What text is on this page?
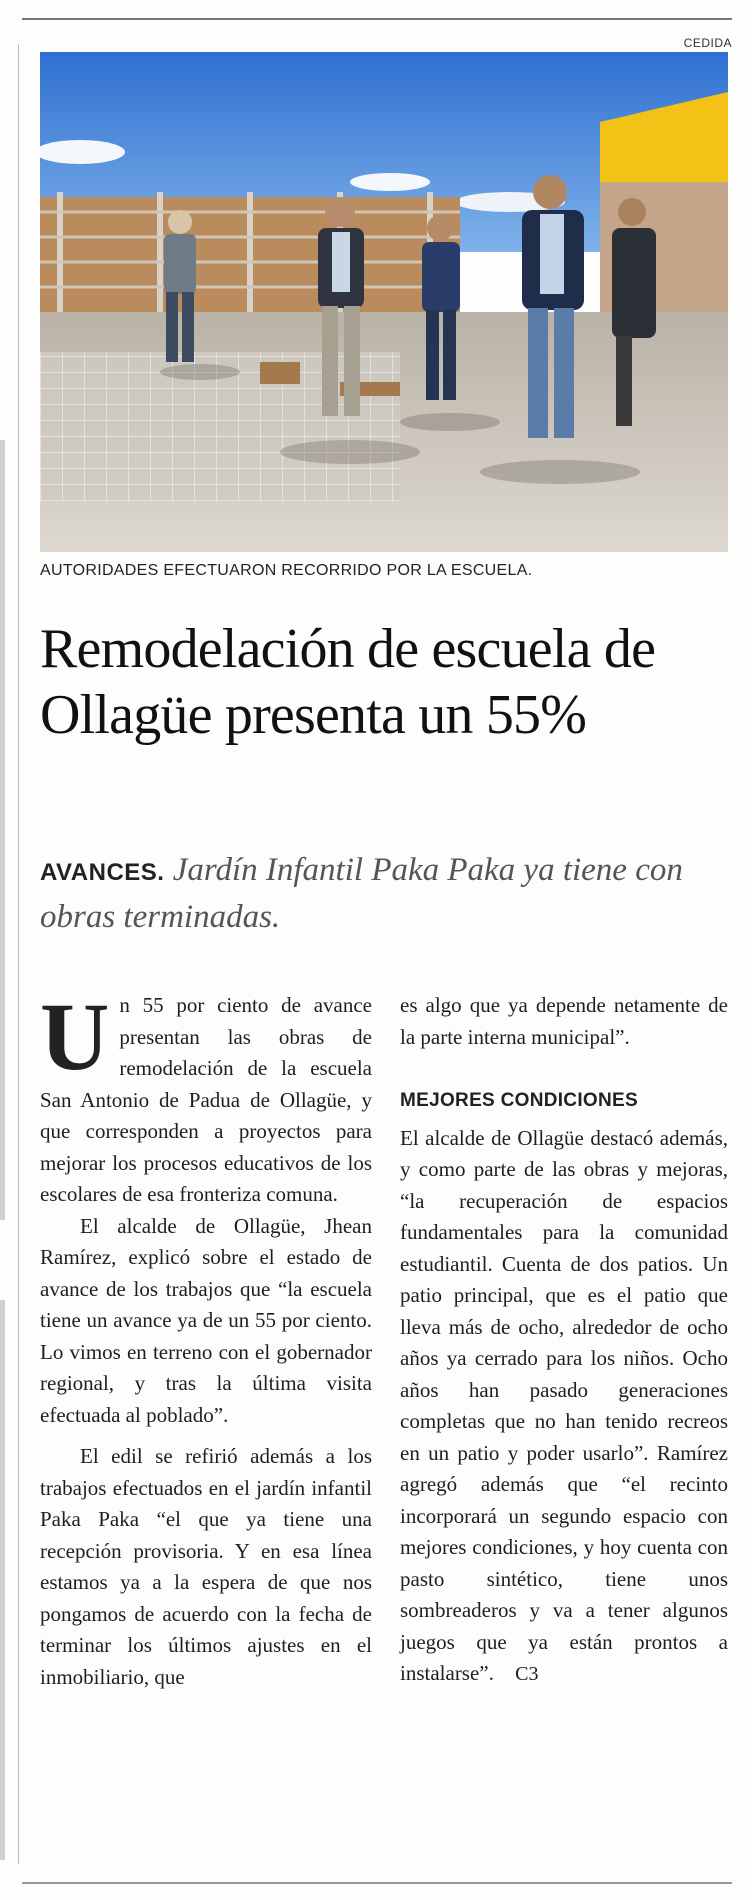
CEDIDA
AUTORIDADES EFECTUARON RECORRIDO POR LA ESCUELA.
Remodelación de escuela de Ollagüe presenta un 55%
AVANCES. Jardín Infantil Paka Paka ya tiene con obras terminadas.

U n 55 por ciento de avance presentan las obras de remodelación de la escuela San Antonio de Padua de Ollagüe, y que corresponden a proyectos para mejorar los procesos educativos de los escolares de esa fronteriza comuna.

El alcalde de Ollagüe, Jhean Ramírez, explicó sobre el estado de avance de los trabajos que “la escuela tiene un avance ya de un 55 por ciento. Lo vimos en terreno con el gobernador regional, y tras la última visita efectuada al poblado”.

El edil se refirió además a los trabajos efectuados en el jardín infantil Paka Paka “el que ya tiene una recepción provisoria. Y en esa línea estamos ya a la espera de que nos pongamos de acuerdo con la fecha de terminar los últimos ajustes en el inmobiliario, que

es algo que ya depende netamente de la parte interna municipal”.

MEJORES CONDICIONES

El alcalde de Ollagüe destacó además, y como parte de las obras y mejoras, “la recuperación de espacios fundamentales para la comunidad estudiantil. Cuenta de dos patios. Un patio principal, que es el patio que lleva más de ocho, alrededor de ocho años ya cerrado para los niños. Ocho años han pasado generaciones completas que no han tenido recreos en un patio y poder usarlo”. Ramírez agregó además que “el recinto incorporará un segundo espacio con mejores condiciones, y hoy cuenta con pasto sintético, tiene unos sombreaderos y va a tener algunos juegos que ya están prontos a instalarse”. C3
